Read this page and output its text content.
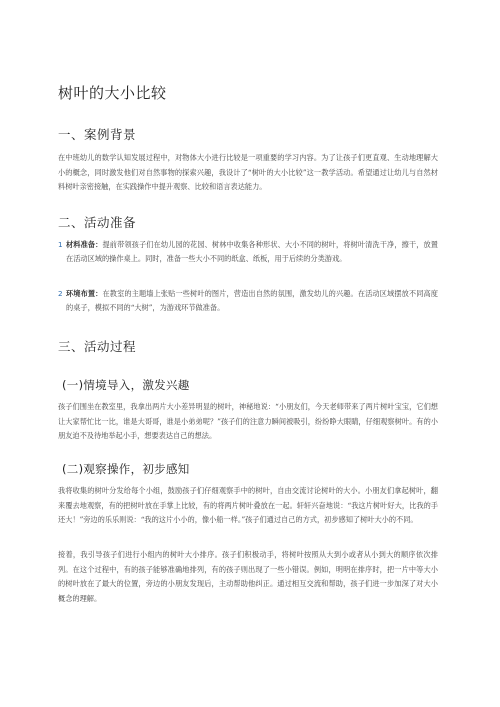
树叶的大小比较
一、案例背景
在中班幼儿的数学认知发展过程中，对物体大小进行比较是一项重要的学习内容。为了让孩子们更直观、生动地理解大小的概念，同时激发他们对自然事物的探索兴趣，我设计了“树叶的大小比较”这一教学活动。希望通过让幼儿与自然材料树叶亲密接触，在实践操作中提升观察、比较和语言表达能力。
二、活动准备
1 材料准备：提前带领孩子们在幼儿园的花园、树林中收集各种形状、大小不同的树叶，将树叶清洗干净，擦干，放置在活动区域的操作桌上。同时，准备一些大小不同的纸盒、纸板，用于后续的分类游戏。
2 环境布置：在教室的主题墙上张贴一些树叶的图片，营造出自然的氛围，激发幼儿的兴趣。在活动区域摆放不同高度的桌子，模拟不同的“大树”，为游戏环节做准备。
三、活动过程
(一)情境导入，激发兴趣
孩子们围坐在教室里，我拿出两片大小差异明显的树叶，神秘地说：“小朋友们，今天老师带来了两片树叶宝宝，它们想让大家帮忙比一比，谁是大哥哥，谁是小弟弟呢？”孩子们的注意力瞬间被吸引，纷纷睁大眼睛，仔细观察树叶。有的小朋友迫不及待地举起小手，想要表达自己的想法。
(二)观察操作，初步感知
我将收集的树叶分发给每个小组，鼓励孩子们仔细观察手中的树叶，自由交流讨论树叶的大小。小朋友们拿起树叶，翻来覆去地观察，有的把树叶放在手掌上比较，有的将两片树叶叠放在一起。轩轩兴奋地说：“我这片树叶好大，比我的手还大！”旁边的乐乐则说：“我的这片小小的，像小船一样。”孩子们通过自己的方式，初步感知了树叶大小的不同。
接着，我引导孩子们进行小组内的树叶大小排序。孩子们积极动手，将树叶按照从大到小或者从小到大的顺序依次排列。在这个过程中，有的孩子能够准确地排列，有的孩子则出现了一些小错误。例如，明明在排序时，把一片中等大小的树叶放在了最大的位置，旁边的小朋友发现后，主动帮助他纠正。通过相互交流和帮助，孩子们进一步加深了对大小概念的理解。
